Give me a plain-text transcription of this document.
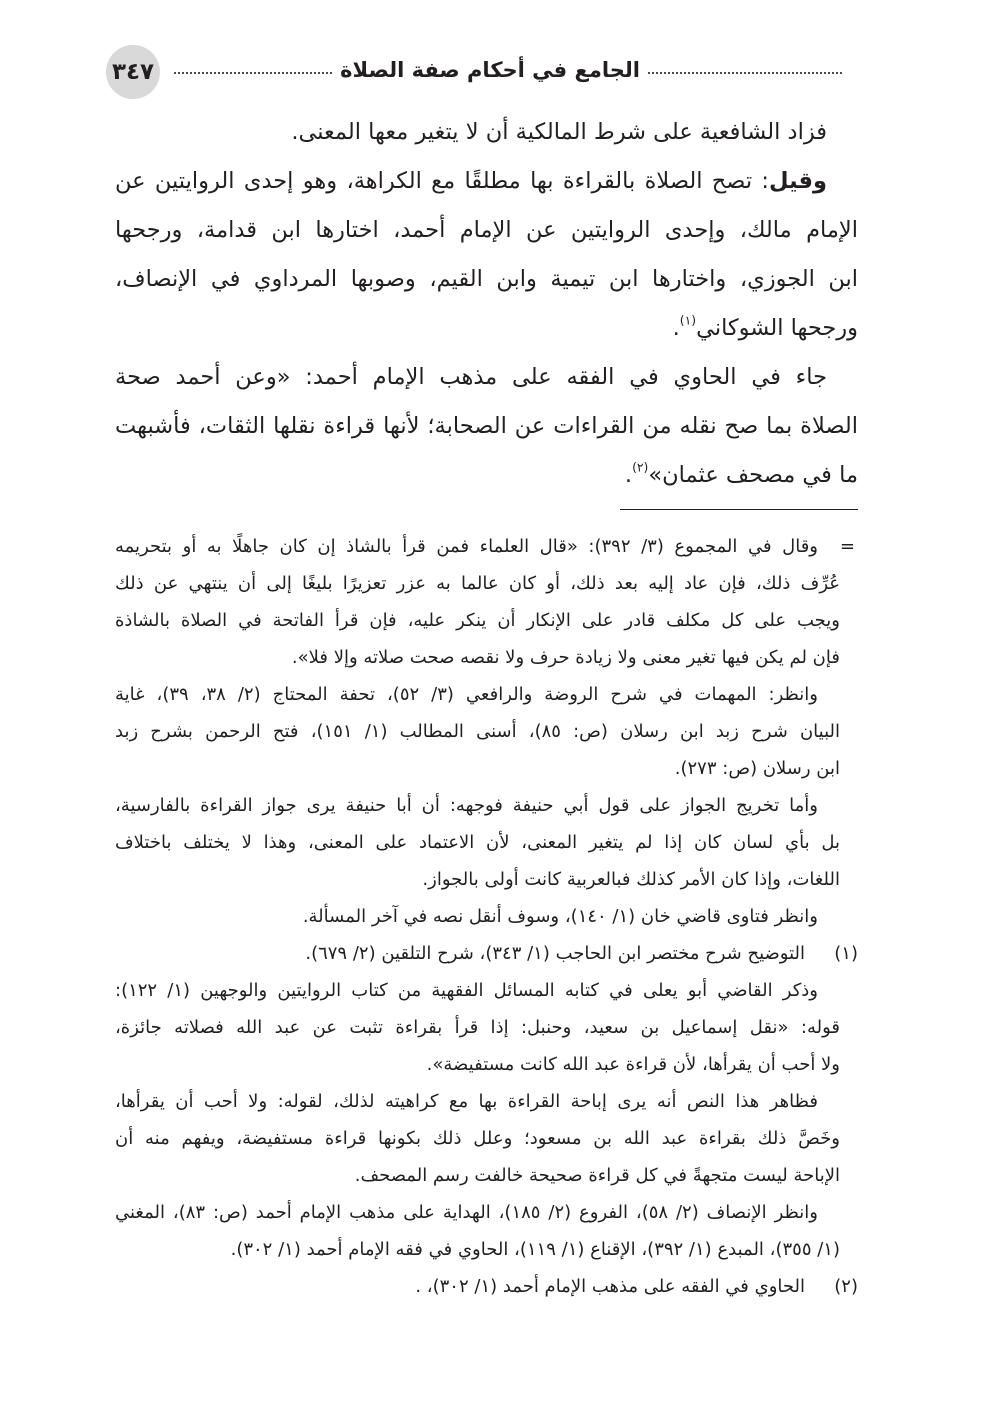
٣٤٧	الجامع في أحكام صفة الصلاة
فزاد الشافعية على شرط المالكية أن لا يتغير معها المعنى.
وقيل: تصح الصلاة بالقراءة بها مطلقًا مع الكراهة، وهو إحدى الروايتين عن
الإمام مالك، وإحدى الروايتين عن الإمام أحمد، اختارها ابن قدامة، ورجحها
ابن الجوزي، واختارها ابن تيمية وابن القيم، وصوبها المرداوي في الإنصاف،
ورجحها الشوكاني$^{(١)}$.
جاء في الحاوي في الفقه على مذهب الإمام أحمد: «وعن أحمد صحة
الصلاة بما صح نقله من القراءات عن الصحابة؛ لأنها قراءة نقلها الثقات، فأشبهت
ما في مصحف عثمان»$^{(٢)}$.
=
وقال في المجموع (٣/ ٣٩٢): «قال العلماء فمن قرأ بالشاذ إن كان جاهلًا به أو بتحريمه
عُرِّف ذلك، فإن عاد إليه بعد ذلك، أو كان عالما به عزر تعزيرًا بليغًا إلى أن ينتهي عن ذلك
ويجب على كل مكلف قادر على الإنكار أن ينكر عليه، فإن قرأ الفاتحة في الصلاة بالشاذة
فإن لم يكن فيها تغير معنى ولا زيادة حرف ولا نقصه صحت صلاته وإلا فلا».
وانظر: المهمات في شرح الروضة والرافعي (٣/ ٥٢)، تحفة المحتاج (٢/ ٣٨، ٣٩)، غاية
البيان شرح زبد ابن رسلان (ص: ٨٥)، أسنى المطالب (١/ ١٥١)، فتح الرحمن بشرح زبد
ابن رسلان (ص: ٢٧٣).
وأما تخريج الجواز على قول أبي حنيفة فوجهه: أن أبا حنيفة يرى جواز القراءة بالفارسية،
بل بأي لسان كان إذا لم يتغير المعنى، لأن الاعتماد على المعنى، وهذا لا يختلف باختلاف
اللغات، وإذا كان الأمر كذلك فبالعربية كانت أولى بالجواز.
وانظر فتاوى قاضي خان (١/ ١٤٠)، وسوف أنقل نصه في آخر المسألة.
(١)
التوضيح شرح مختصر ابن الحاجب (١/ ٣٤٣)، شرح التلقين (٢/ ٦٧٩).
وذكر القاضي أبو يعلى في كتابه المسائل الفقهية من كتاب الروايتين والوجهين (١/ ١٢٢):
قوله: «نقل إسماعيل بن سعيد، وحنبل: إذا قرأ بقراءة تثبت عن عبد الله فصلاته جائزة،
ولا أحب أن يقرأها، لأن قراءة عبد الله كانت مستفيضة».
فظاهر هذا النص أنه يرى إباحة القراءة بها مع كراهيته لذلك، لقوله: ولا أحب أن يقرأها،
وخَصَّ ذلك بقراءة عبد الله بن مسعود؛ وعلل ذلك بكونها قراءة مستفيضة، ويفهم منه أن
الإباحة ليست متجهةً في كل قراءة صحيحة خالفت رسم المصحف.
وانظر الإنصاف (٢/ ٥٨)، الفروع (٢/ ١٨٥)، الهداية على مذهب الإمام أحمد (ص: ٨٣)، المغني
(١/ ٣٥٥)، المبدع (١/ ٣٩٢)، الإقناع (١/ ١١٩)، الحاوي في فقه الإمام أحمد (١/ ٣٠٢).
(٢)
الحاوي في الفقه على مذهب الإمام أحمد (١/ ٣٠٢)، .
